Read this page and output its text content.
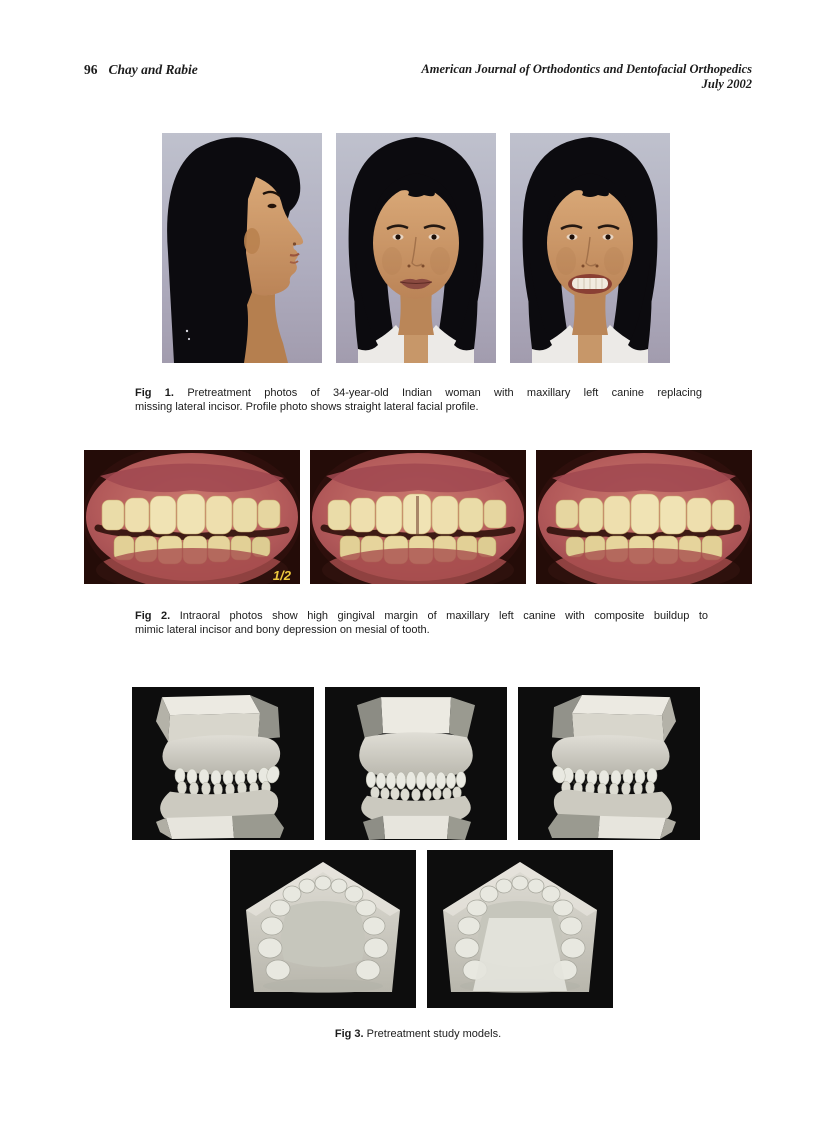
96 Chay and Rabie	American Journal of Orthodontics and Dentofacial Orthopedics
July 2002

Fig 1. Pretreatment photos of 34-year-old Indian woman with maxillary left canine replacing
missing lateral incisor. Profile photo shows straight lateral facial profile.

1/2

Fig 2. Intraoral photos show high gingival margin of maxillary left canine with composite buildup to
mimic lateral incisor and bony depression on mesial of tooth.

Fig 3. Pretreatment study models.
